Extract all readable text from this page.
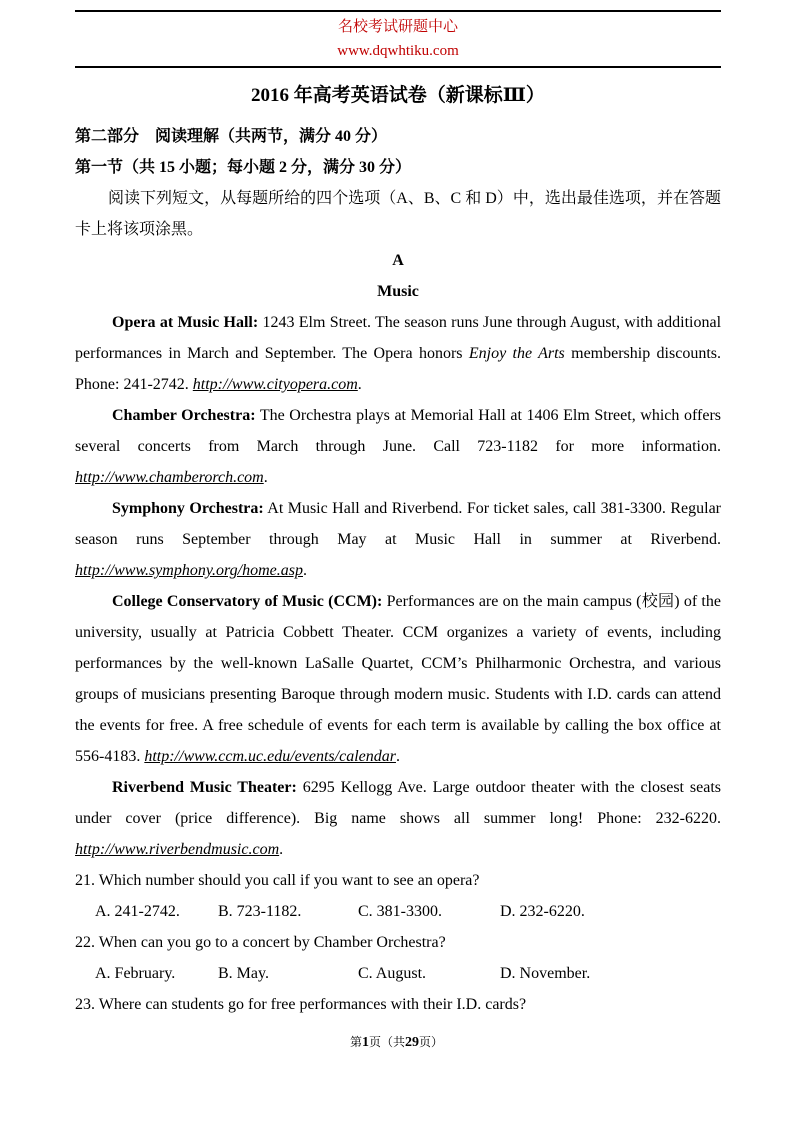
名校考试研题中心
www.dqwhtiku.com
2016 年高考英语试卷（新课标Ⅲ）
第二部分　阅读理解（共两节，满分 40 分）
第一节（共 15 小题；每小题 2 分，满分 30 分）

阅读下列短文，从每题所给的四个选项（A、B、C 和 D）中，选出最佳选项，并在答题卡上将该项涂黑。

A
Music

Opera at Music Hall: 1243 Elm Street. The season runs June through August, with additional performances in March and September. The Opera honors Enjoy the Arts membership discounts. Phone: 241-2742. http://www.cityopera.com.

Chamber Orchestra: The Orchestra plays at Memorial Hall at 1406 Elm Street, which offers several concerts from March through June. Call 723-1182 for more information. http://www.chamberorch.com.

Symphony Orchestra: At Music Hall and Riverbend. For ticket sales, call 381-3300. Regular season runs September through May at Music Hall in summer at Riverbend. http://www.symphony.org/home.asp.

College Conservatory of Music (CCM): Performances are on the main campus (校园) of the university, usually at Patricia Cobbett Theater. CCM organizes a variety of events, including performances by the well-known LaSalle Quartet, CCM’s Philharmonic Orchestra, and various groups of musicians presenting Baroque through modern music. Students with I.D. cards can attend the events for free. A free schedule of events for each term is available by calling the box office at 556-4183. http://www.ccm.uc.edu/events/calendar.

Riverbend Music Theater: 6295 Kellogg Ave. Large outdoor theater with the closest seats under cover (price difference). Big name shows all summer long! Phone: 232-6220. http://www.riverbendmusic.com.

21. Which number should you call if you want to see an opera?

A. 241-2742.	B. 723-1182.	C. 381-3300.	D. 232-6220.

22. When can you go to a concert by Chamber Orchestra?

A. February.	B. May.	C. August.	D. November.

23. Where can students go for free performances with their I.D. cards?

第1页（共29页）
